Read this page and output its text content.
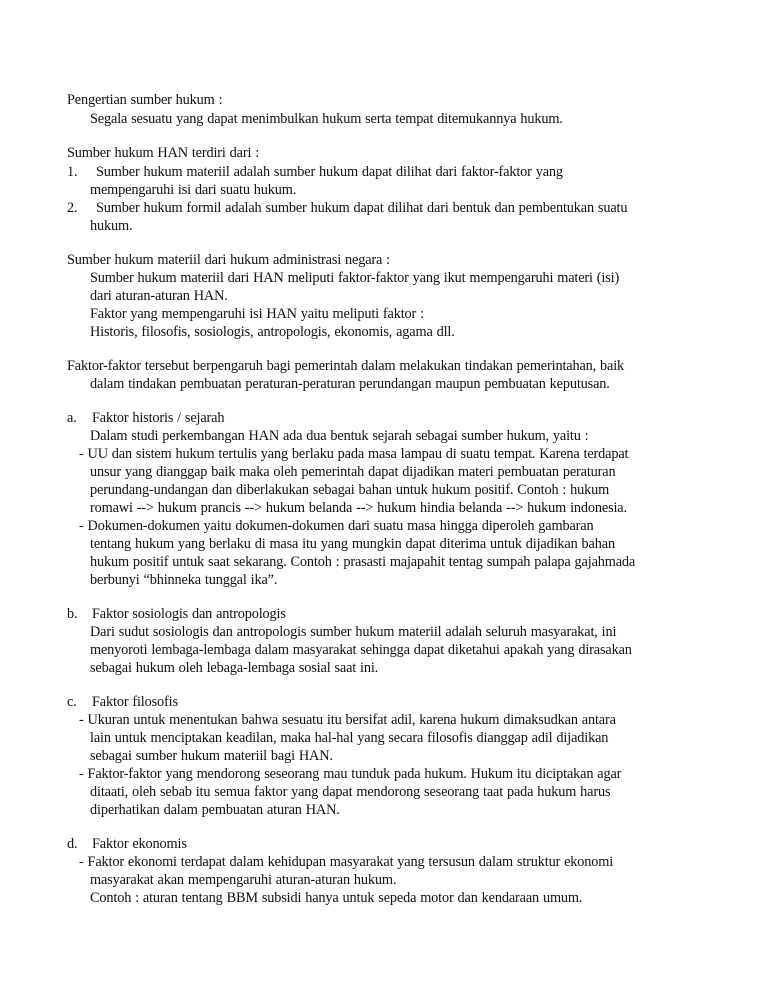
Pengertian sumber hukum :
Segala sesuatu yang dapat menimbulkan hukum serta tempat ditemukannya hukum.
Sumber hukum HAN terdiri dari :
1. Sumber hukum materiil adalah sumber hukum dapat dilihat dari faktor-faktor yang
mempengaruhi isi dari suatu hukum.
2. Sumber hukum formil adalah sumber hukum dapat dilihat dari bentuk dan pembentukan suatu
hukum.
Sumber hukum materiil dari hukum administrasi negara :
Sumber hukum materiil dari HAN meliputi faktor-faktor yang ikut mempengaruhi materi (isi)
dari aturan-aturan HAN.
Faktor yang mempengaruhi isi HAN yaitu meliputi faktor :
Historis, filosofis, sosiologis, antropologis, ekonomis, agama dll.
Faktor-faktor tersebut berpengaruh bagi pemerintah dalam melakukan tindakan pemerintahan, baik
dalam tindakan pembuatan peraturan-peraturan perundangan maupun pembuatan keputusan.
a. Faktor historis / sejarah
Dalam studi perkembangan HAN ada dua bentuk sejarah sebagai sumber hukum, yaitu :
- UU dan sistem hukum tertulis yang berlaku pada masa lampau di suatu tempat. Karena terdapat
unsur yang dianggap baik maka oleh pemerintah dapat dijadikan materi pembuatan peraturan
perundang-undangan dan diberlakukan sebagai bahan untuk hukum positif. Contoh : hukum
romawi --> hukum prancis --> hukum belanda --> hukum hindia belanda --> hukum indonesia.
- Dokumen-dokumen yaitu dokumen-dokumen dari suatu masa hingga diperoleh gambaran
tentang hukum yang berlaku di masa itu yang mungkin dapat diterima untuk dijadikan bahan
hukum positif untuk saat sekarang. Contoh : prasasti majapahit tentag sumpah palapa gajahmada
berbunyi “bhinneka tunggal ika”.
b. Faktor sosiologis dan antropologis
Dari sudut sosiologis dan antropologis sumber hukum materiil adalah seluruh masyarakat, ini
menyoroti lembaga-lembaga dalam masyarakat sehingga dapat diketahui apakah yang dirasakan
sebagai hukum oleh lebaga-lembaga sosial saat ini.
c. Faktor filosofis
- Ukuran untuk menentukan bahwa sesuatu itu bersifat adil, karena hukum dimaksudkan antara
lain untuk menciptakan keadilan, maka hal-hal yang secara filosofis dianggap adil dijadikan
sebagai sumber hukum materiil bagi HAN.
- Faktor-faktor yang mendorong seseorang mau tunduk pada hukum. Hukum itu diciptakan agar
ditaati, oleh sebab itu semua faktor yang dapat mendorong seseorang taat pada hukum harus
diperhatikan dalam pembuatan aturan HAN.
d. Faktor ekonomis
- Faktor ekonomi terdapat dalam kehidupan masyarakat yang tersusun dalam struktur ekonomi
masyarakat akan mempengaruhi aturan-aturan hukum.
Contoh : aturan tentang BBM subsidi hanya untuk sepeda motor dan kendaraan umum.
